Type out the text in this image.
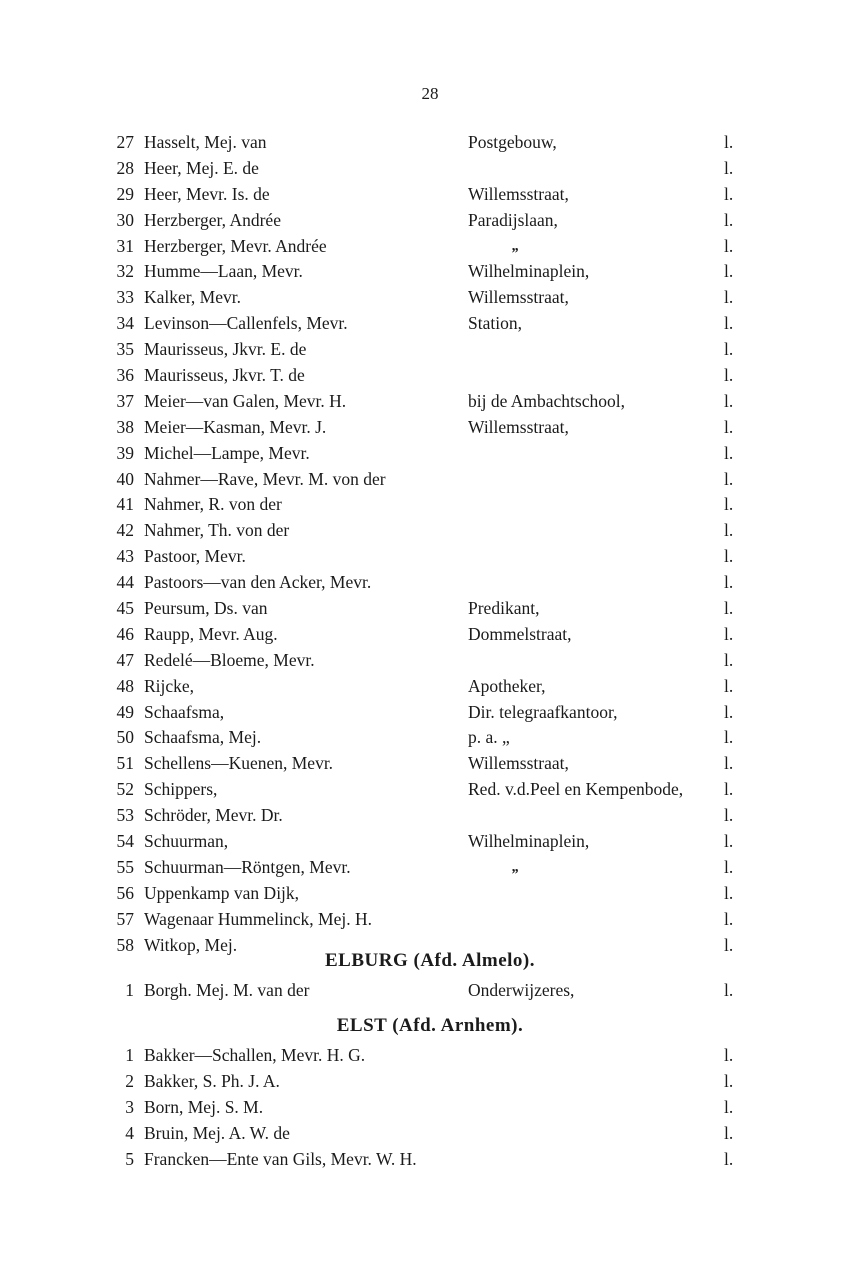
28
27 Hasselt, Mej. van	Postgebouw,	l.
28 Heer, Mej. E. de	l.
29 Heer, Mevr. Is. de	Willemsstraat,	l.
30 Herzberger, Andrée	Paradijslaan,	l.
31 Herzberger, Mevr. Andrée	„	l.
32 Humme—Laan, Mevr.	Wilhelminaplein,	l.
33 Kalker, Mevr.	Willemsstraat,	l.
34 Levinson—Callenfels, Mevr.	Station,	l.
35 Maurisseus, Jkvr. E. de	l.
36 Maurisseus, Jkvr. T. de	l.
37 Meier—van Galen, Mevr. H.	bij de Ambachtschool,	l.
38 Meier—Kasman, Mevr. J.	Willemsstraat,	l.
39 Michel—Lampe, Mevr.	l.
40 Nahmer—Rave, Mevr. M. von der	l.
41 Nahmer, R. von der	l.
42 Nahmer, Th. von der	l.
43 Pastoor, Mevr.	l.
44 Pastoors—van den Acker, Mevr.	l.
45 Peursum, Ds. van	Predikant,	l.
46 Raupp, Mevr. Aug.	Dommelstraat,	l.
47 Redelé—Bloeme, Mevr.	l.
48 Rijcke,	Apotheker,	l.
49 Schaafsma,	Dir. telegraafkantoor,	l.
50 Schaafsma, Mej.	p. a. „	l.
51 Schellens—Kuenen, Mevr.	Willemsstraat,	l.
52 Schippers,	Red. v.d.Peel en Kempenbode, l.
53 Schröder, Mevr. Dr.	l.
54 Schuurman,	Wilhelminaplein,	l.
55 Schuurman—Röntgen, Mevr.	„	l.
56 Uppenkamp van Dijk,	l.
57 Wagenaar Hummelinck, Mej. H.	l.
58 Witkop, Mej.	l.
ELBURG (Afd. Almelo).
1 Borgh. Mej. M. van der	Onderwijzeres,	l.
ELST (Afd. Arnhem).
1 Bakker—Schallen, Mevr. H. G.	l.
2 Bakker, S. Ph. J. A.	l.
3 Born, Mej. S. M.	l.
4 Bruin, Mej. A. W. de	l.
5 Francken—Ente van Gils, Mevr. W. H.	l.
